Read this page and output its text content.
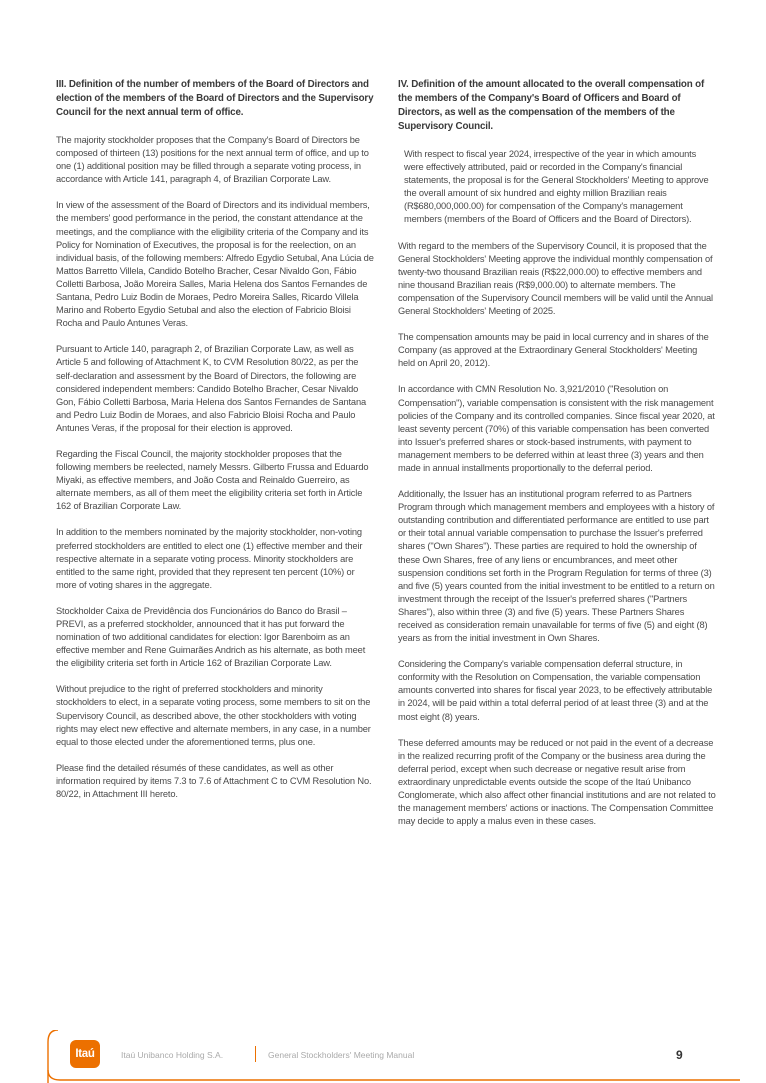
III. Definition of the number of members of the Board of Directors and election of the members of the Board of Directors and the Supervisory Council for the next annual term of office.
The majority stockholder proposes that the Company's Board of Directors be composed of thirteen (13) positions for the next annual term of office, and up to one (1) additional position may be filled through a separate voting process, in accordance with Article 141, paragraph 4, of Brazilian Corporate Law.
In view of the assessment of the Board of Directors and its individual members, the members' good performance in the period, the constant attendance at the meetings, and the compliance with the eligibility criteria of the Company and its Policy for Nomination of Executives, the proposal is for the reelection, on an individual basis, of the following members: Alfredo Egydio Setubal, Ana Lúcia de Mattos Barretto Villela, Candido Botelho Bracher, Cesar Nivaldo Gon, Fábio Colletti Barbosa, João Moreira Salles, Maria Helena dos Santos Fernandes de Santana, Pedro Luiz Bodin de Moraes, Pedro Moreira Salles, Ricardo Villela Marino and Roberto Egydio Setubal and also the election of Fabricio Bloisi Rocha and Paulo Antunes Veras.
Pursuant to Article 140, paragraph 2, of Brazilian Corporate Law, as well as Article 5 and following of Attachment K, to CVM Resolution 80/22, as per the self-declaration and assessment by the Board of Directors, the following are considered independent members: Candido Botelho Bracher, Cesar Nivaldo Gon, Fábio Colletti Barbosa, Maria Helena dos Santos Fernandes de Santana and Pedro Luiz Bodin de Moraes, and also Fabricio Bloisi Rocha and Paulo Antunes Veras, if the proposal for their election is approved.
Regarding the Fiscal Council, the majority stockholder proposes that the following members be reelected, namely Messrs. Gilberto Frussa and Eduardo Miyaki, as effective members, and João Costa and Reinaldo Guerreiro, as alternate members, as all of them meet the eligibility criteria set forth in Article 162 of Brazilian Corporate Law.
In addition to the members nominated by the majority stockholder, non-voting preferred stockholders are entitled to elect one (1) effective member and their respective alternate in a separate voting process. Minority stockholders are entitled to the same right, provided that they represent ten percent (10%) or more of voting shares in the aggregate.
Stockholder Caixa de Previdência dos Funcionários do Banco do Brasil – PREVI, as a preferred stockholder, announced that it has put forward the nomination of two additional candidates for election: Igor Barenboim as an effective member and Rene Guimarães Andrich as his alternate, as both meet the eligibility criteria set forth in Article 162 of Brazilian Corporate Law.
Without prejudice to the right of preferred stockholders and minority stockholders to elect, in a separate voting process, some members to sit on the Supervisory Council, as described above, the other stockholders with voting rights may elect new effective and alternate members, in any case, in a number equal to those elected under the aforementioned terms, plus one.
Please find the detailed résumés of these candidates, as well as other information required by items 7.3 to 7.6 of Attachment C to CVM Resolution No. 80/22, in Attachment III hereto.
IV. Definition of the amount allocated to the overall compensation of the members of the Company's Board of Officers and Board of Directors, as well as the compensation of the members of the Supervisory Council.
With respect to fiscal year 2024, irrespective of the year in which amounts were effectively attributed, paid or recorded in the Company's financial statements, the proposal is for the General Stockholders' Meeting to approve the overall amount of six hundred and eighty million Brazilian reais (R$680,000,000.00) for compensation of the Company's management members (members of the Board of Officers and the Board of Directors).
With regard to the members of the Supervisory Council, it is proposed that the General Stockholders' Meeting approve the individual monthly compensation of twenty-two thousand Brazilian reais (R$22,000.00) to effective members and nine thousand Brazilian reais (R$9,000.00) to alternate members. The compensation of the Supervisory Council members will be valid until the Annual General Stockholders' Meeting of 2025.
The compensation amounts may be paid in local currency and in shares of the Company (as approved at the Extraordinary General Stockholders' Meeting held on April 20, 2012).
In accordance with CMN Resolution No. 3,921/2010 ("Resolution on Compensation"), variable compensation is consistent with the risk management policies of the Company and its controlled companies. Since fiscal year 2020, at least seventy percent (70%) of this variable compensation has been converted into Issuer's preferred shares or stock-based instruments, with payment to management members to be deferred within at least three (3) years and then made in annual installments proportionally to the deferral period.
Additionally, the Issuer has an institutional program referred to as Partners Program through which management members and employees with a history of outstanding contribution and differentiated performance are entitled to use part or their total annual variable compensation to purchase the Issuer's preferred shares ("Own Shares"). These parties are required to hold the ownership of these Own Shares, free of any liens or encumbrances, and meet other suspension conditions set forth in the Program Regulation for terms of three (3) and five (5) years counted from the initial investment to be entitled to a return on investment through the receipt of the Issuer's preferred shares ("Partners Shares"), also within three (3) and five (5) years. These Partners Shares received as consideration remain unavailable for terms of five (5) and eight (8) years as from the initial investment in Own Shares.
Considering the Company's variable compensation deferral structure, in conformity with the Resolution on Compensation, the variable compensation amounts converted into shares for fiscal year 2023, to be effectively attributable in 2024, will be paid within a total deferral period of at least three (3) and at the most eight (8) years.
These deferred amounts may be reduced or not paid in the event of a decrease in the realized recurring profit of the Company or the business area during the deferral period, except when such decrease or negative result arise from extraordinary unpredictable events outside the scope of the Itaú Unibanco Conglomerate, which also affect other financial institutions and are not related to the management members' actions or inactions. The Compensation Committee may decide to apply a malus even in these cases.
Itaú	Itaú Unibanco Holding S.A.	General Stockholders' Meeting Manual	9
